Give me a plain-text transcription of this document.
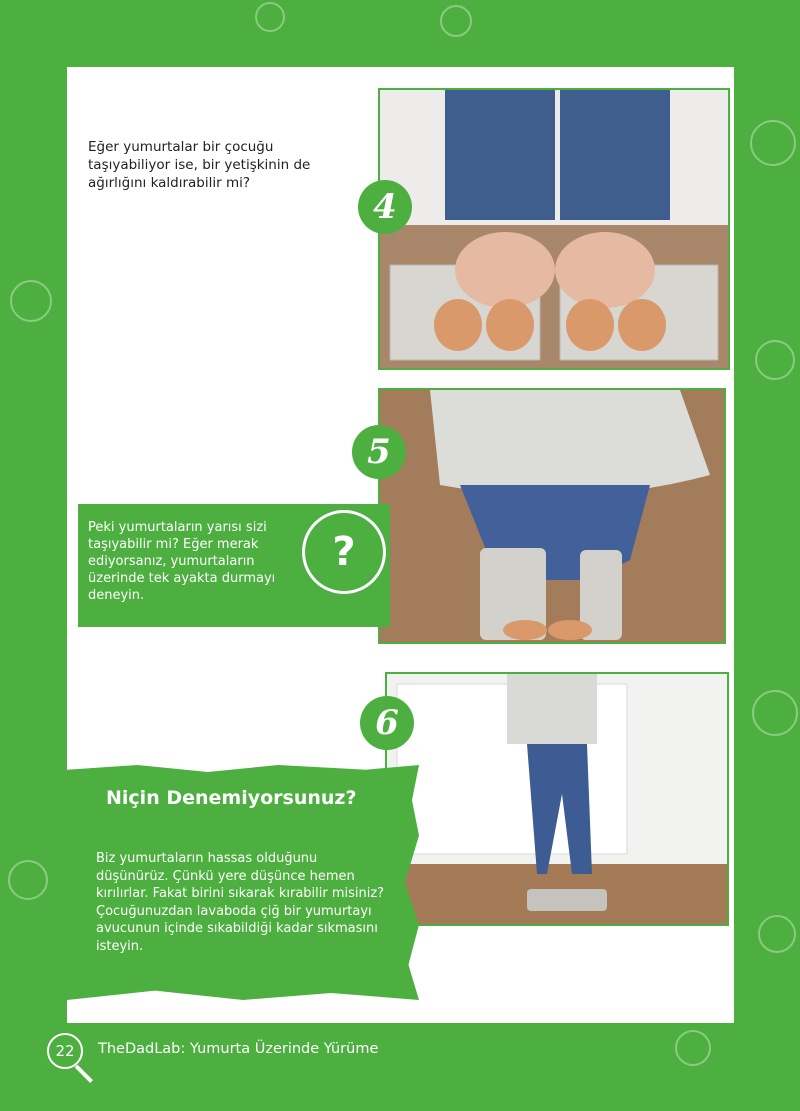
Eğer yumurtalar bir çocuğu taşıyabiliyor ise, bir yetişkinin de ağırlığını kaldırabilir mi?
4
5
Peki yumurtaların yarısı sizi taşıyabilir mi? Eğer merak ediyorsanız, yumurtaların üzerinde tek ayakta durmayı deneyin.
?
6
Niçin Denemiyorsunuz?
Biz yumurtaların hassas olduğunu düşünürüz. Çünkü yere düşünce hemen kırılırlar. Fakat birini sıkarak kırabilir misiniz? Çocuğunuzdan lavaboda çiğ bir yumurtayı avucunun içinde sıkabildiği kadar sıkmasını isteyin.
22 TheDadLab: Yumurta Üzerinde Yürüme
